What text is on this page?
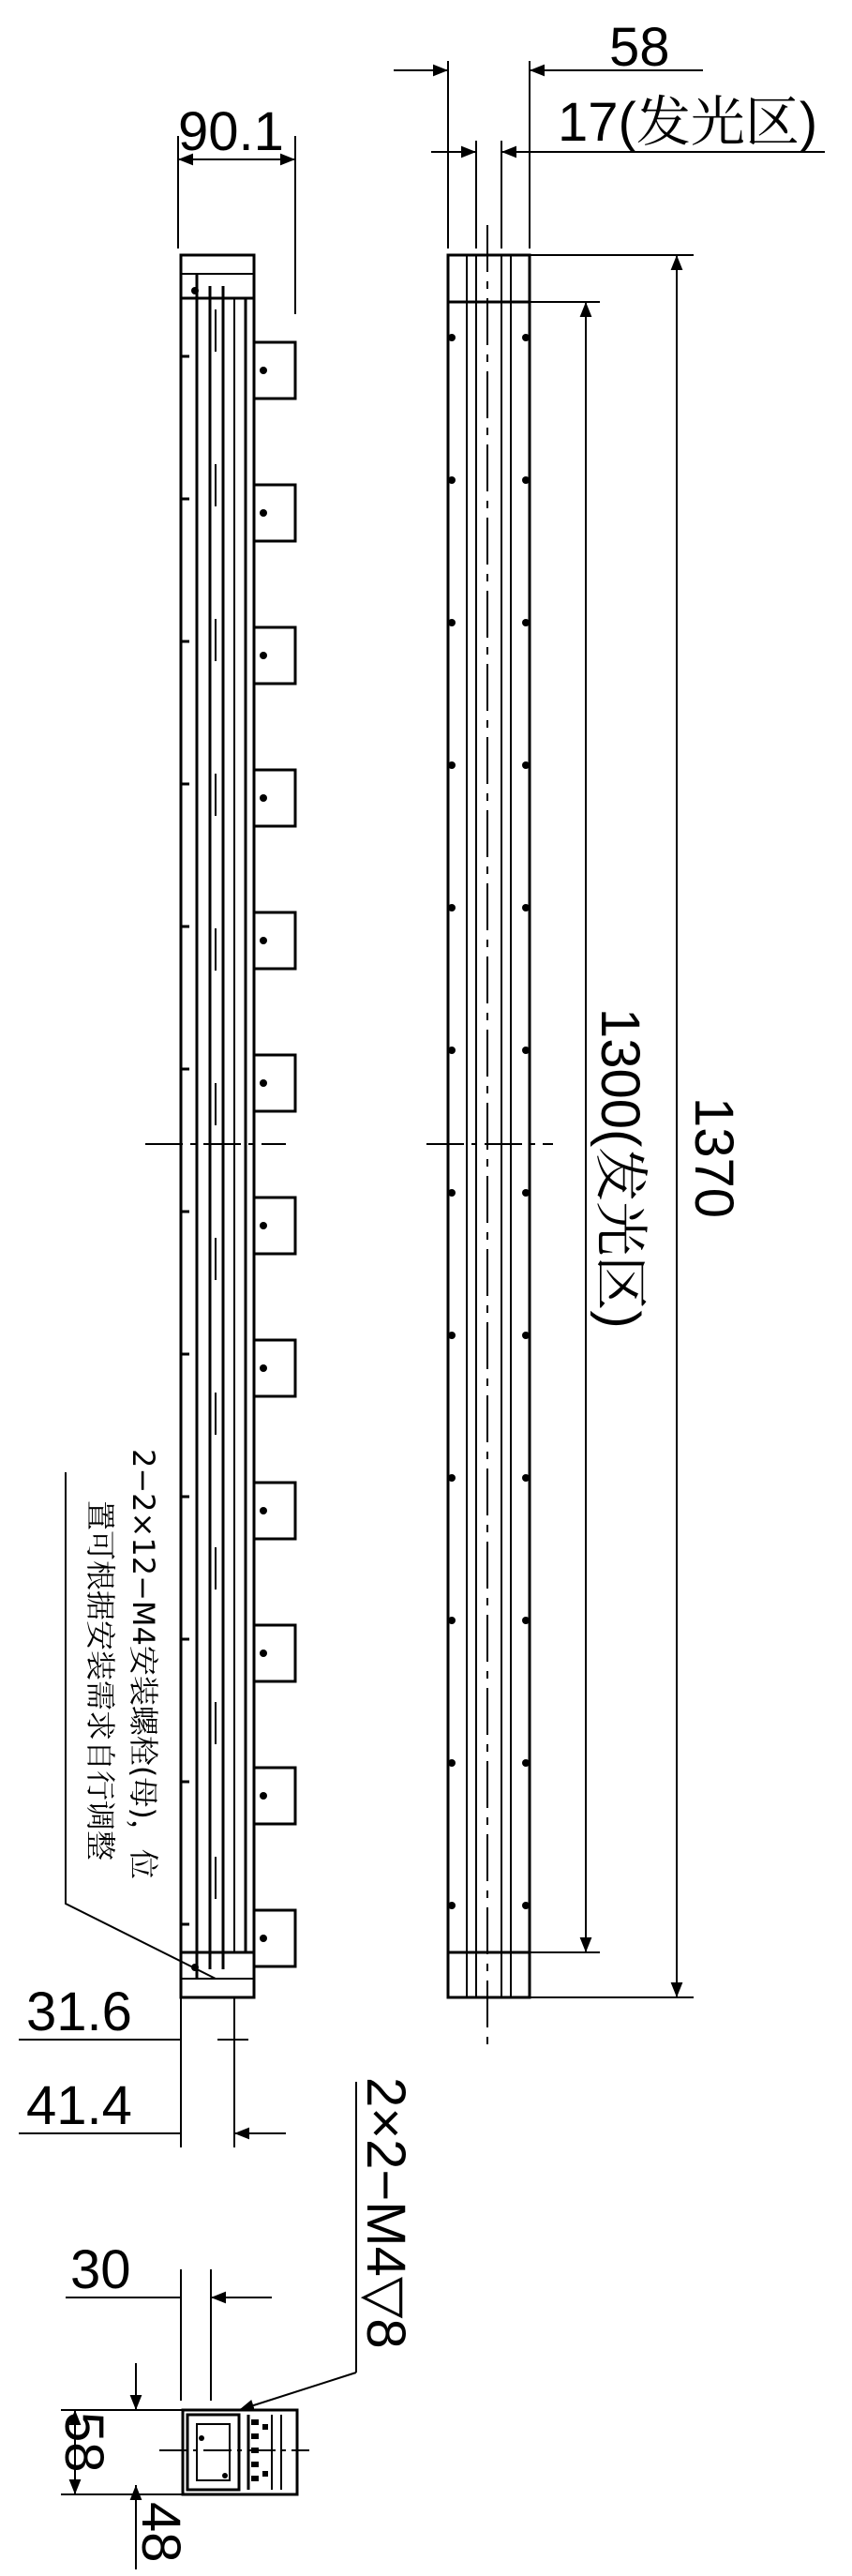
90.1
2−2×12−M4安装螺栓(母)，位
置可根据安装需求自行调整
31.6
41.4
58
17(发光区)
1300(发光区) 1370
30
58
48
2×2−M4▽8
